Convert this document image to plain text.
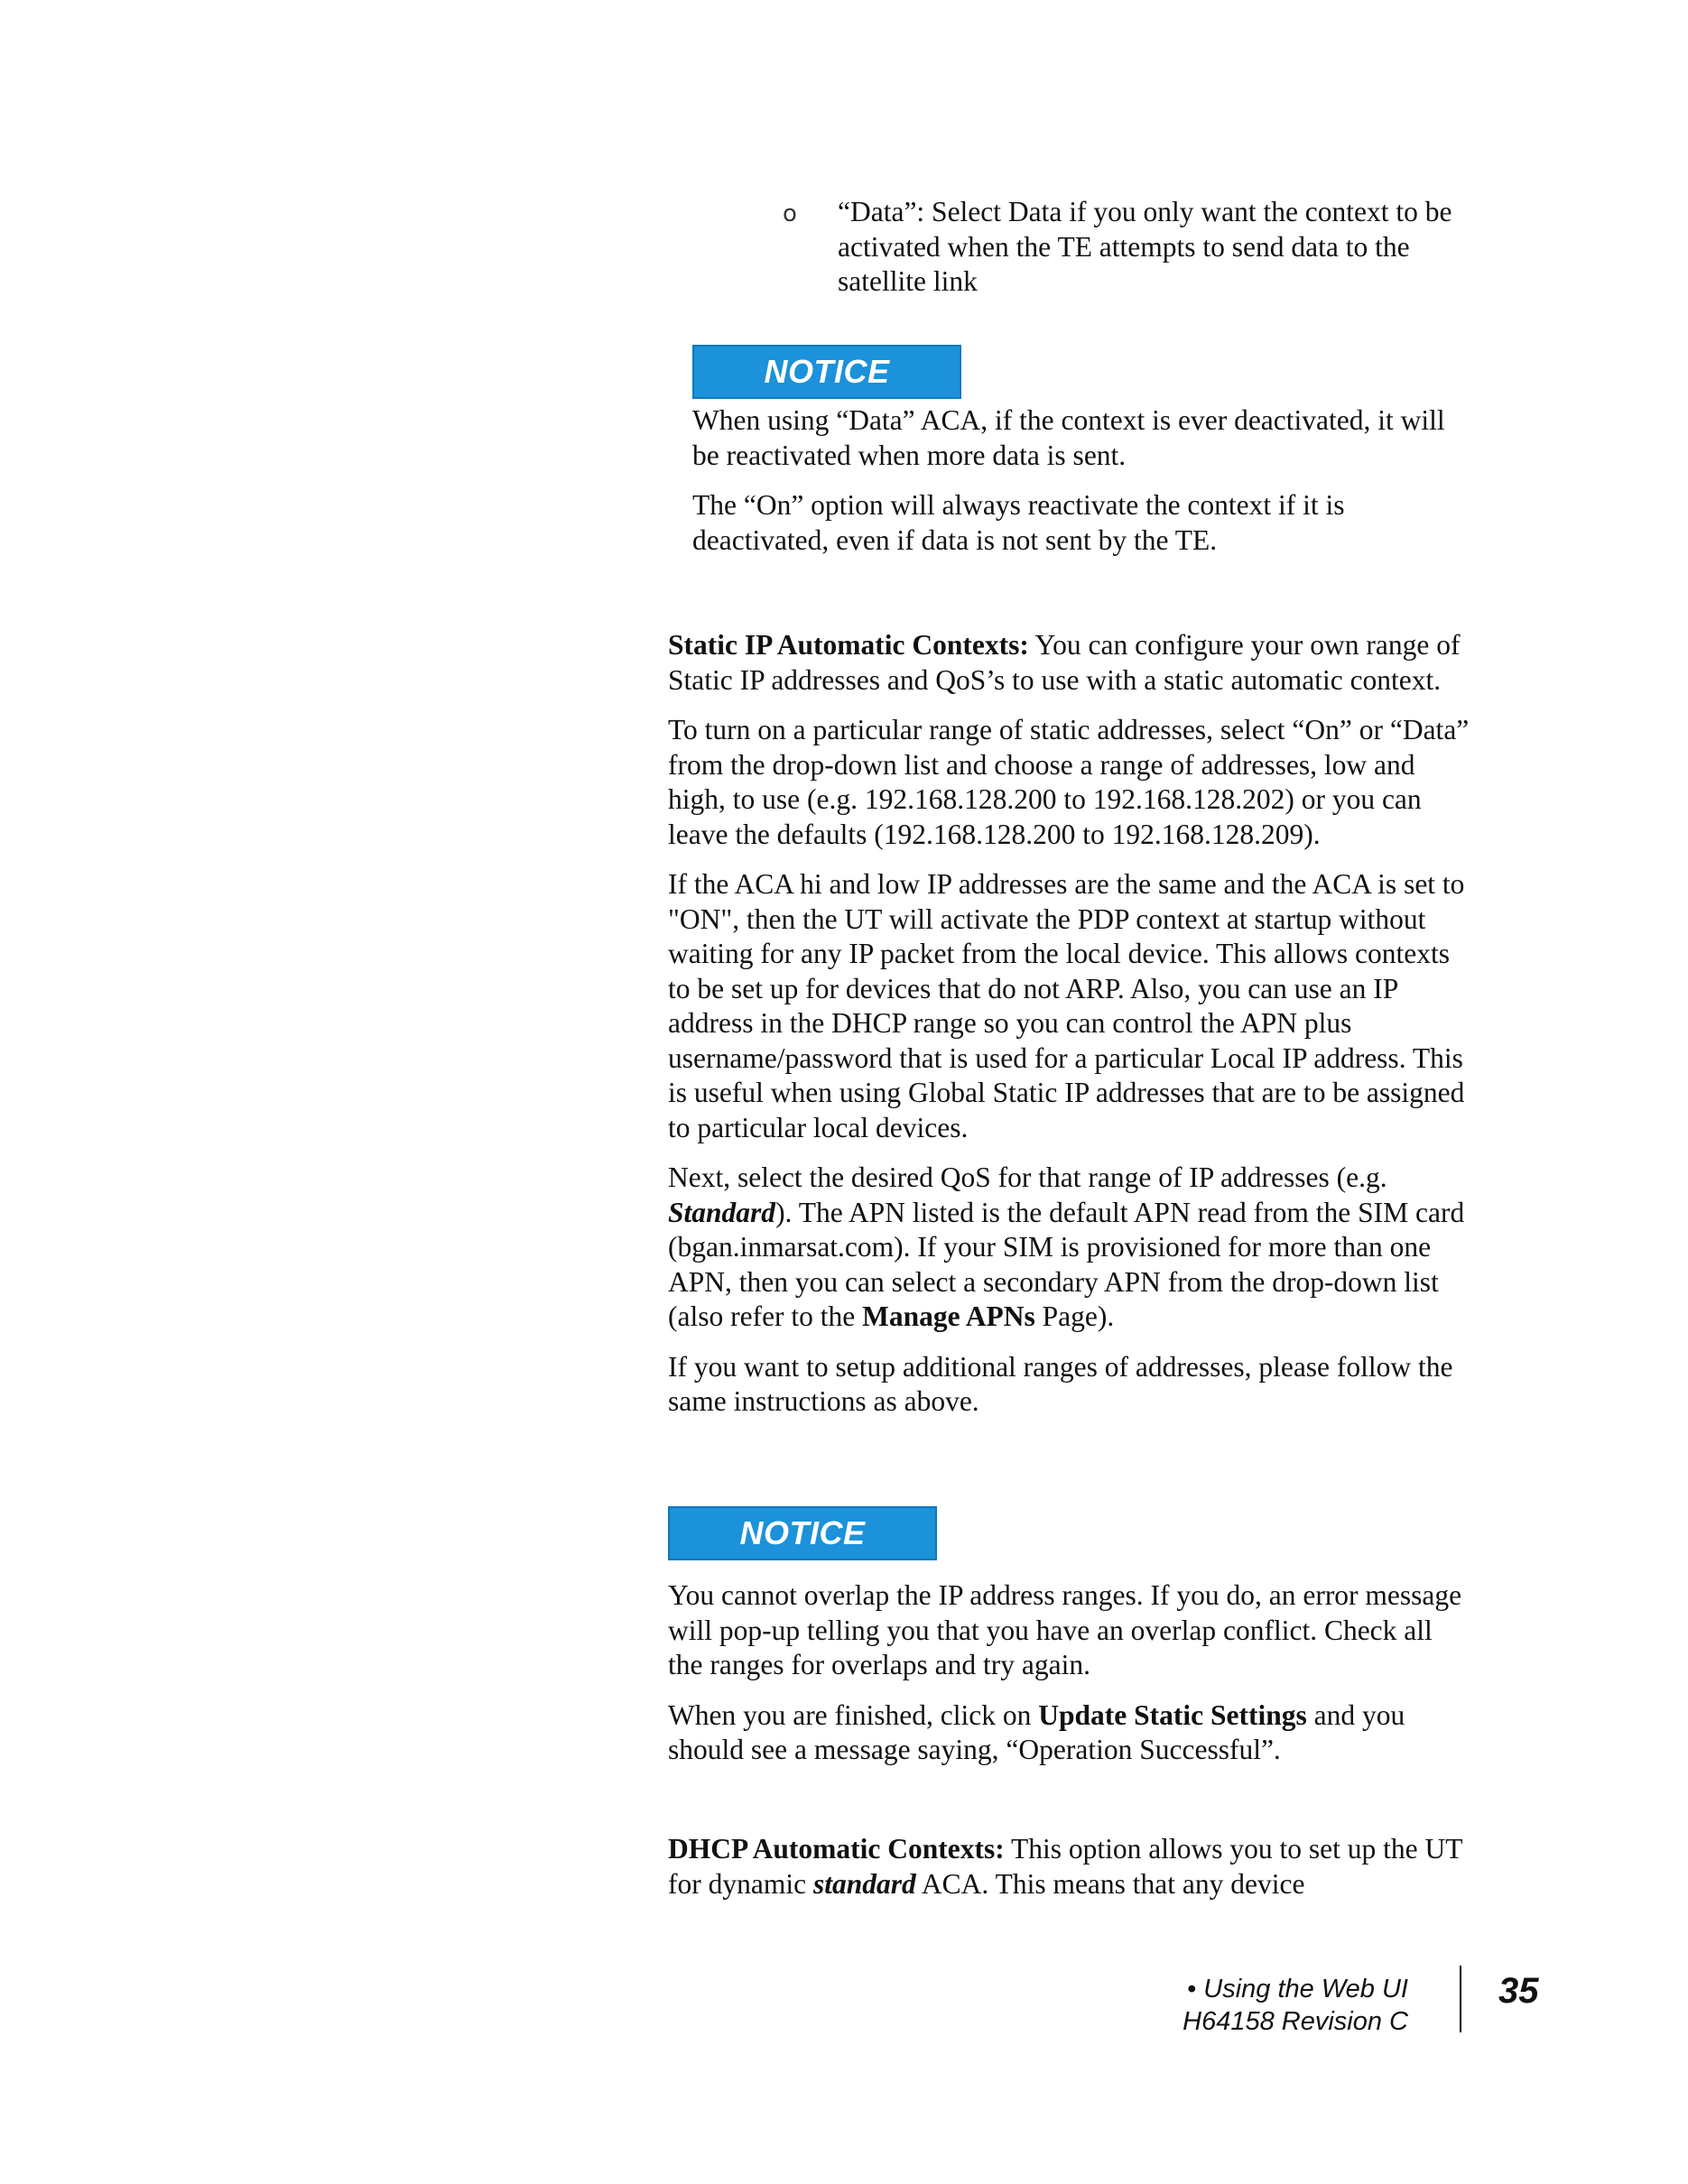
o “Data”: Select Data if you only want the context to be activated when the TE attempts to send data to the satellite link

NOTICE

When using “Data” ACA, if the context is ever deactivated, it will be reactivated when more data is sent.

The “On” option will always reactivate the context if it is deactivated, even if data is not sent by the TE.

Static IP Automatic Contexts: You can configure your own range of Static IP addresses and QoS’s to use with a static automatic context.

To turn on a particular range of static addresses, select “On” or “Data” from the drop-down list and choose a range of addresses, low and high, to use (e.g. 192.168.128.200 to 192.168.128.202) or you can leave the defaults (192.168.128.200 to 192.168.128.209).

If the ACA hi and low IP addresses are the same and the ACA is set to "ON", then the UT will activate the PDP context at startup without waiting for any IP packet from the local device. This allows contexts to be set up for devices that do not ARP. Also, you can use an IP address in the DHCP range so you can control the APN plus username/password that is used for a particular Local IP address. This is useful when using Global Static IP addresses that are to be assigned to particular local devices.

Next, select the desired QoS for that range of IP addresses (e.g. Standard). The APN listed is the default APN read from the SIM card (bgan.inmarsat.com). If your SIM is provisioned for more than one APN, then you can select a secondary APN from the drop-down list (also refer to the Manage APNs Page).

If you want to setup additional ranges of addresses, please follow the same instructions as above.

NOTICE

You cannot overlap the IP address ranges. If you do, an error message will pop-up telling you that you have an overlap conflict. Check all the ranges for overlaps and try again.

When you are finished, click on Update Static Settings and you should see a message saying, “Operation Successful”.

DHCP Automatic Contexts: This option allows you to set up the UT for dynamic standard ACA. This means that any device

• Using the Web UI
H64158 Revision C
35
